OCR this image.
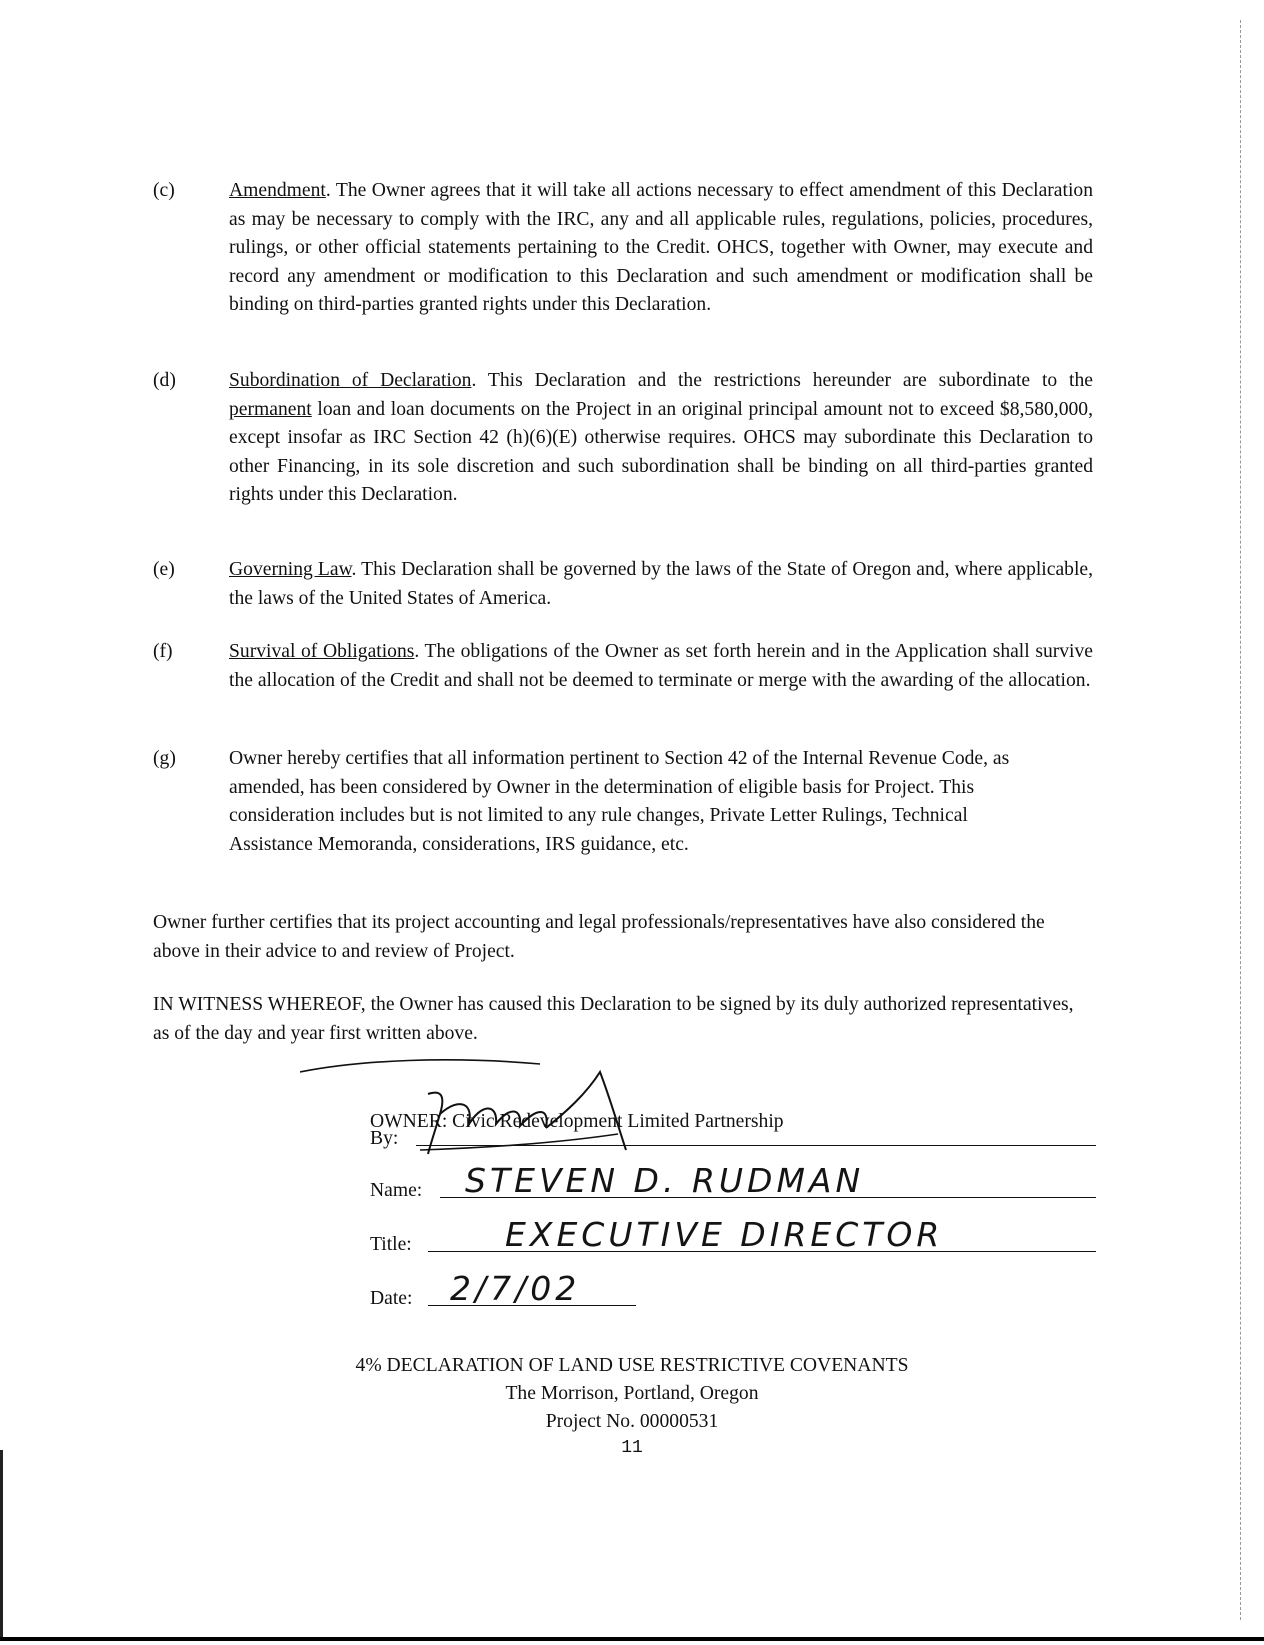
(c)	Amendment. The Owner agrees that it will take all actions necessary to effect amendment of this Declaration as may be necessary to comply with the IRC, any and all applicable rules, regulations, policies, procedures, rulings, or other official statements pertaining to the Credit. OHCS, together with Owner, may execute and record any amendment or modification to this Declaration and such amendment or modification shall be binding on third-parties granted rights under this Declaration.
(d)	Subordination of Declaration. This Declaration and the restrictions hereunder are subordinate to the permanent loan and loan documents on the Project in an original principal amount not to exceed $8,580,000, except insofar as IRC Section 42 (h)(6)(E) otherwise requires. OHCS may subordinate this Declaration to other Financing, in its sole discretion and such subordination shall be binding on all third-parties granted rights under this Declaration.
(e)	Governing Law. This Declaration shall be governed by the laws of the State of Oregon and, where applicable, the laws of the United States of America.
(f)	Survival of Obligations. The obligations of the Owner as set forth herein and in the Application shall survive the allocation of the Credit and shall not be deemed to terminate or merge with the awarding of the allocation.
(g)	Owner hereby certifies that all information pertinent to Section 42 of the Internal Revenue Code, as amended, has been considered by Owner in the determination of eligible basis for Project. This consideration includes but is not limited to any rule changes, Private Letter Rulings, Technical Assistance Memoranda, considerations, IRS guidance, etc.
Owner further certifies that its project accounting and legal professionals/representatives have also considered the above in their advice to and review of Project.
IN WITNESS WHEREOF, the Owner has caused this Declaration to be signed by its duly authorized representatives, as of the day and year first written above.
OWNER: Civic Redevelopment Limited Partnership
By:
Name: STEVEN D. RUDMAN
Title:	EXECUTIVE DIRECTOR
Date: 2/7/02
4% DECLARATION OF LAND USE RESTRICTIVE COVENANTS
The Morrison, Portland, Oregon
Project No. 00000531
11
